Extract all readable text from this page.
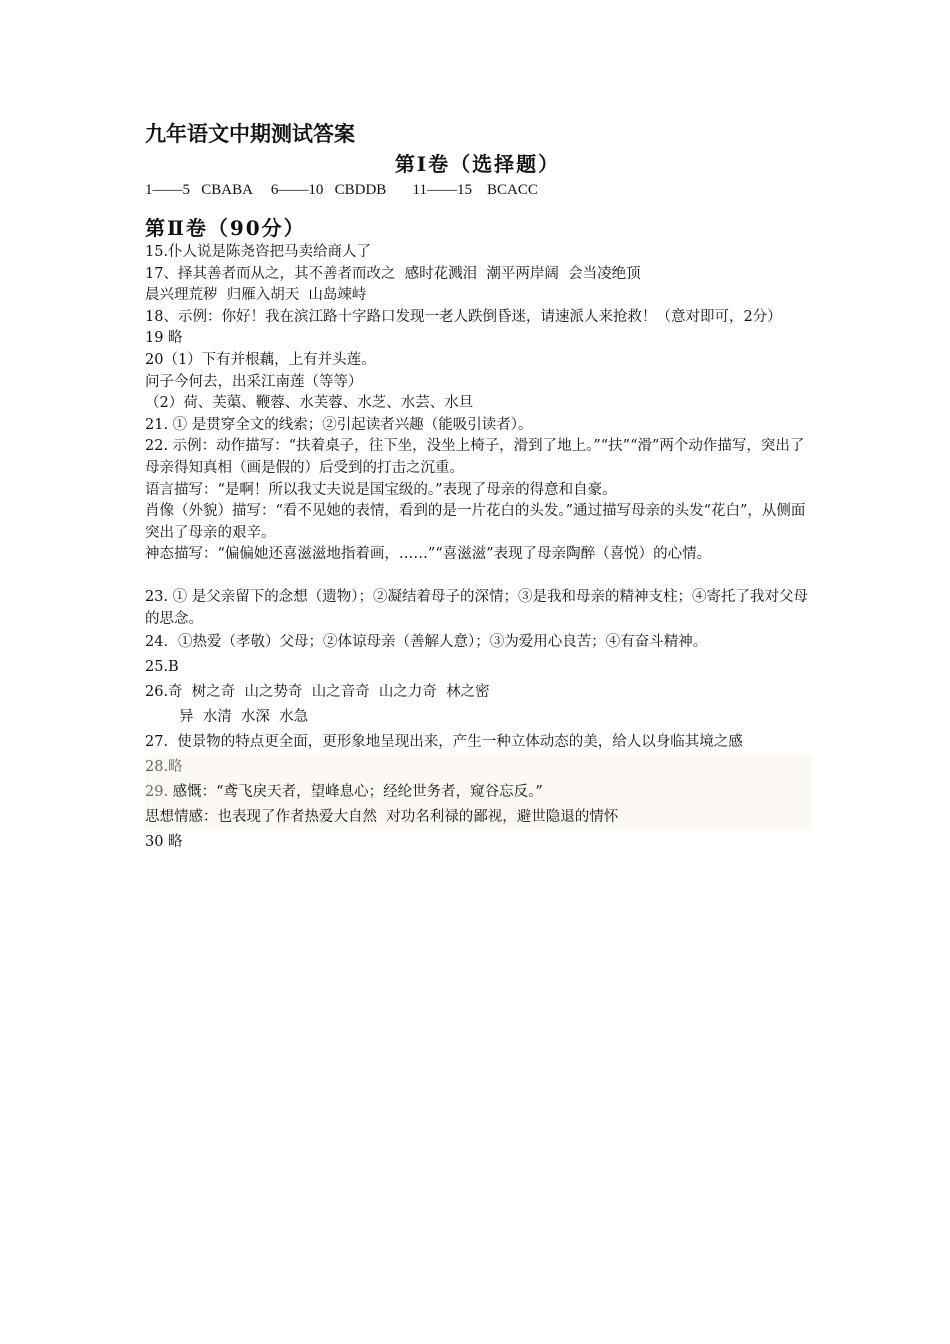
九年语文中期测试答案
第Ⅰ卷（选择题）

1——5   CBABA     6——10   CBDDB       11——15    BCACC

第Ⅱ卷（90分）

15.仆人说是陈尧咨把马卖给商人了

17、择其善者而从之，其不善者而改之  感时花溅泪  潮平两岸阔  会当凌绝顶

晨兴理荒秽  归雁入胡天  山岛竦峙

18、示例：你好！我在滨江路十字路口发现一老人跌倒昏迷，请速派人来抢救！（意对即可，2分）

19 略

20（1）下有并根藕，上有并头莲。

问子今何去，出采江南莲（等等）

（2）荷、芙蕖、鞭蓉、水芙蓉、水芝、水芸、水旦

21. ① 是贯穿全文的线索；②引起读者兴趣（能吸引读者）。

22. 示例：动作描写：“扶着桌子，往下坐，没坐上椅子，滑到了地上。”“扶”“滑”两个动作描写，突出了母亲得知真相（画是假的）后受到的打击之沉重。

语言描写：“是啊！所以我丈夫说是国宝级的。”表现了母亲的得意和自豪。

肖像（外貌）描写：“看不见她的表情，看到的是一片花白的头发。”通过描写母亲的头发“花白”，从侧面突出了母亲的艰辛。

神态描写：“偏偏她还喜滋滋地指着画，……”“喜滋滋”表现了母亲陶醉（喜悦）的心情。

23. ① 是父亲留下的念想（遗物）；②凝结着母子的深情；③是我和母亲的精神支柱；④寄托了我对父母的思念。

24．①热爱（孝敬）父母；②体谅母亲（善解人意）；③为爱用心良苦；④有奋斗精神。

25.B

26.奇  树之奇  山之势奇  山之音奇  山之力奇  林之密

异  水清  水深  水急

27.  使景物的特点更全面，更形象地呈现出来，产生一种立体动态的美，给人以身临其境之感

28.略

29. 感慨：“鸢飞戾天者，望峰息心；经纶世务者，窥谷忘反。”

思想情感：也表现了作者热爱大自然  对功名利禄的鄙视，避世隐退的情怀

30 略
